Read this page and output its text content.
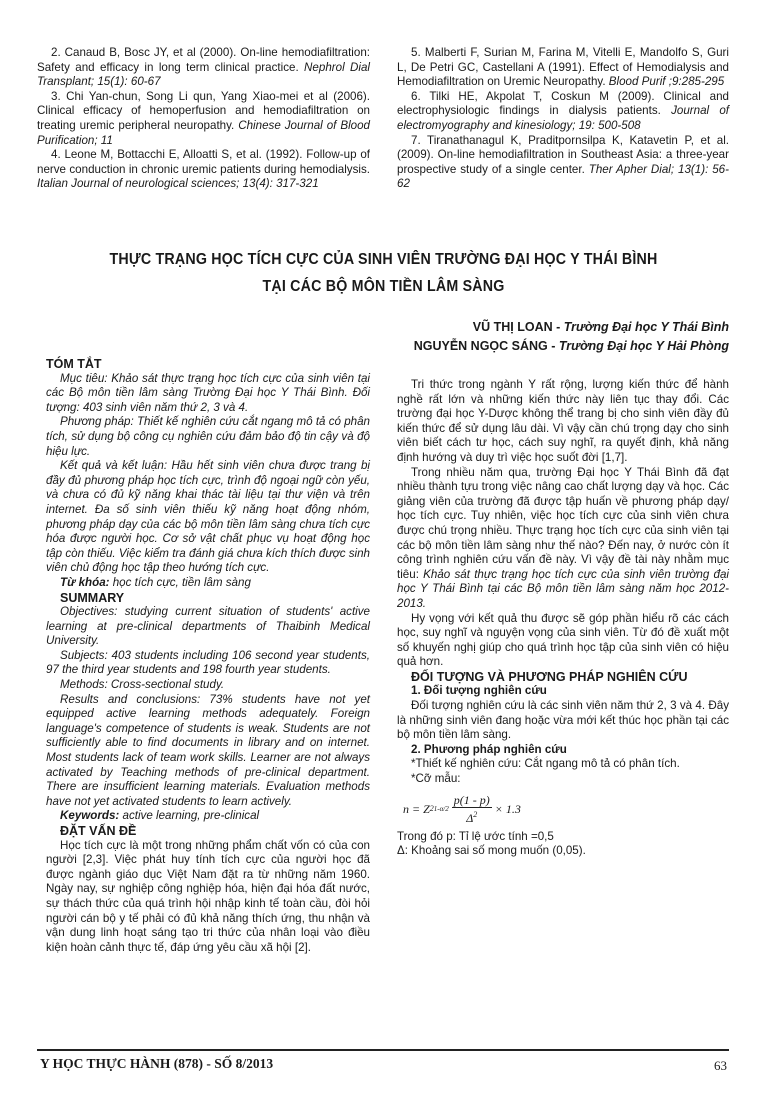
2. Canaud B, Bosc JY, et al (2000). On-line hemodiafiltration: Safety and efficacy in long term clinical practice. Nephrol Dial Transplant; 15(1): 60-67

3. Chi Yan-chun, Song Li qun, Yang Xiao-mei et al (2006). Clinical efficacy of hemoperfusion and hemodiafiltration on treating uremic peripheral neuropathy. Chinese Journal of Blood Purification; 11

4. Leone M, Bottacchi E, Alloatti S, et al. (1992). Follow-up of nerve conduction in chronic uremic patients during hemodialysis. Italian Journal of neurological sciences; 13(4): 317-321

5. Malberti F, Surian M, Farina M, Vitelli E, Mandolfo S, Guri L, De Petri GC, Castellani A (1991). Effect of Hemodialysis and Hemodiafiltration on Uremic Neuropathy. Blood Purif ;9:285-295

6. Tilki HE, Akpolat T, Coskun M (2009). Clinical and electrophysiologic findings in dialysis patients. Journal of electromyography and kinesiology; 19: 500-508

7. Tiranathanagul K, Praditpornsilpa K, Katavetin P, et al. (2009). On-line hemodiafiltration in Southeast Asia: a three-year prospective study of a single center. Ther Apher Dial; 13(1): 56-62

THỰC TRẠNG HỌC TÍCH CỰC CỦA SINH VIÊN TRƯỜNG ĐẠI HỌC Y THÁI BÌNH
TẠI CÁC BỘ MÔN TIỀN LÂM SÀNG
VŨ THỊ LOAN - Trường Đại học Y Thái Bình
NGUYỄN NGỌC SÁNG - Trường Đại học Y Hải Phòng

TÓM TẮT

Mục tiêu: Khảo sát thực trạng học tích cực của sinh viên tại các Bộ môn tiền lâm sàng Trường Đại học Y Thái Bình. Đối tượng: 403 sinh viên năm thứ 2, 3 và 4.

Phương pháp: Thiết kế nghiên cứu cắt ngang mô tả có phân tích, sử dụng bộ công cụ nghiên cứu đảm bảo độ tin cậy và độ hiệu lực.

Kết quả và kết luận: Hầu hết sinh viên chưa được trang bị đầy đủ phương pháp học tích cực, trình độ ngoại ngữ còn yếu, và chưa có đủ kỹ năng khai thác tài liệu tại thư viện và trên internet. Đa số sinh viên thiếu kỹ năng hoạt động nhóm, phương pháp dạy của các bộ môn tiền lâm sàng chưa tích cực hóa được người học. Cơ sở vật chất phục vụ hoạt động học tập còn thiếu. Việc kiểm tra đánh giá chưa kích thích được sinh viên chủ động học tập theo hướng tích cực.

Từ khóa: học tích cực, tiền lâm sàng

SUMMARY

Objectives: studying current situation of students' active learning at pre-clinical departments of Thaibinh Medical University.

Subjects: 403 students including 106 second year students, 97 the third year students and 198 fourth year students.

Methods: Cross-sectional study.

Results and conclusions: 73% students have not yet equipped active learning methods adequately. Foreign language's competence of students is weak. Students are not sufficiently able to find documents in library and on internet. Most students lack of team work skills. Learner are not always activated by Teaching methods of pre-clinical department. There are insufficient learning materials. Evaluation methods have not yet activated students to learn actively.

Keywords: active learning, pre-clinical

ĐẶT VẤN ĐỀ

Học tích cực là một trong những phẩm chất vốn có của con người [2,3]. Việc phát huy tính tích cực của người học đã được ngành giáo dục Việt Nam đặt ra từ những năm 1960. Ngày nay, sự nghiệp công nghiệp hóa, hiện đại hóa đất nước, sự thách thức của quá trình hội nhập kinh tế toàn cầu, đòi hỏi người cán bộ y tế phải có đủ khả năng thích ứng, thu nhận và vận dung linh hoạt sáng tạo tri thức của nhân loại vào điều kiện hoàn cảnh thực tế, đáp ứng yêu cầu xã hội [2].

Tri thức trong ngành Y rất rộng, lượng kiến thức để hành nghề rất lớn và những kiến thức này liên tục thay đổi. Các trường đại học Y-Dược không thể trang bị cho sinh viên đầy đủ kiến thức để sử dụng lâu dài. Vì vậy cần chú trọng dạy cho sinh viên biết cách tư học, cách suy nghĩ, ra quyết định, khả năng định hướng và duy trì việc học suốt đời [1,7].

Trong nhiều năm qua, trường Đại học Y Thái Bình đã đạt nhiều thành tựu trong việc nâng cao chất lượng dạy và học. Các giảng viên của trường đã được tập huấn về phương pháp dạy/ học tích cực. Tuy nhiên, việc học tích cực của sinh viên chưa được chú trọng nhiều. Thực trạng học tích cực của sinh viên tại các bộ môn tiền lâm sàng như thế nào? Đến nay, ở nước còn ít công trình nghiên cứu vấn đề này. Vì vậy đề tài này nhằm mục tiêu: Khảo sát thực trạng học tích cực của sinh viên trường đại học Y Thái Bình tại các Bộ môn tiền lâm sàng năm học 2012-2013.

Hy vọng với kết quả thu được sẽ góp phần hiểu rõ các cách học, suy nghĩ và nguyện vọng của sinh viên. Từ đó đề xuất một số khuyến nghị giúp cho quá trình học tập của sinh viên có hiệu quả hơn.

ĐỐI TƯỢNG VÀ PHƯƠNG PHÁP NGHIÊN CỨU

1. Đối tượng nghiên cứu

Đối tượng nghiên cứu là các sinh viên năm thứ 2, 3 và 4. Đây là những sinh viên đang hoặc vừa mới kết thúc học phần tại các bộ môn tiền lâm sàng.

2. Phương pháp nghiên cứu

*Thiết kế nghiên cứu: Cắt ngang mô tả có phân tích.

*Cỡ mẫu:

n = Z 2 $1-\alpha/2 \frac{p(1 - p)}{\Delta^2} \times 1.3$

Trong đó p: Tỉ lệ ước tính =0,5

Δ: Khoảng sai số mong muốn (0,05).

Y HỌC THỰC HÀNH (878) - SỐ 8/2013	63
